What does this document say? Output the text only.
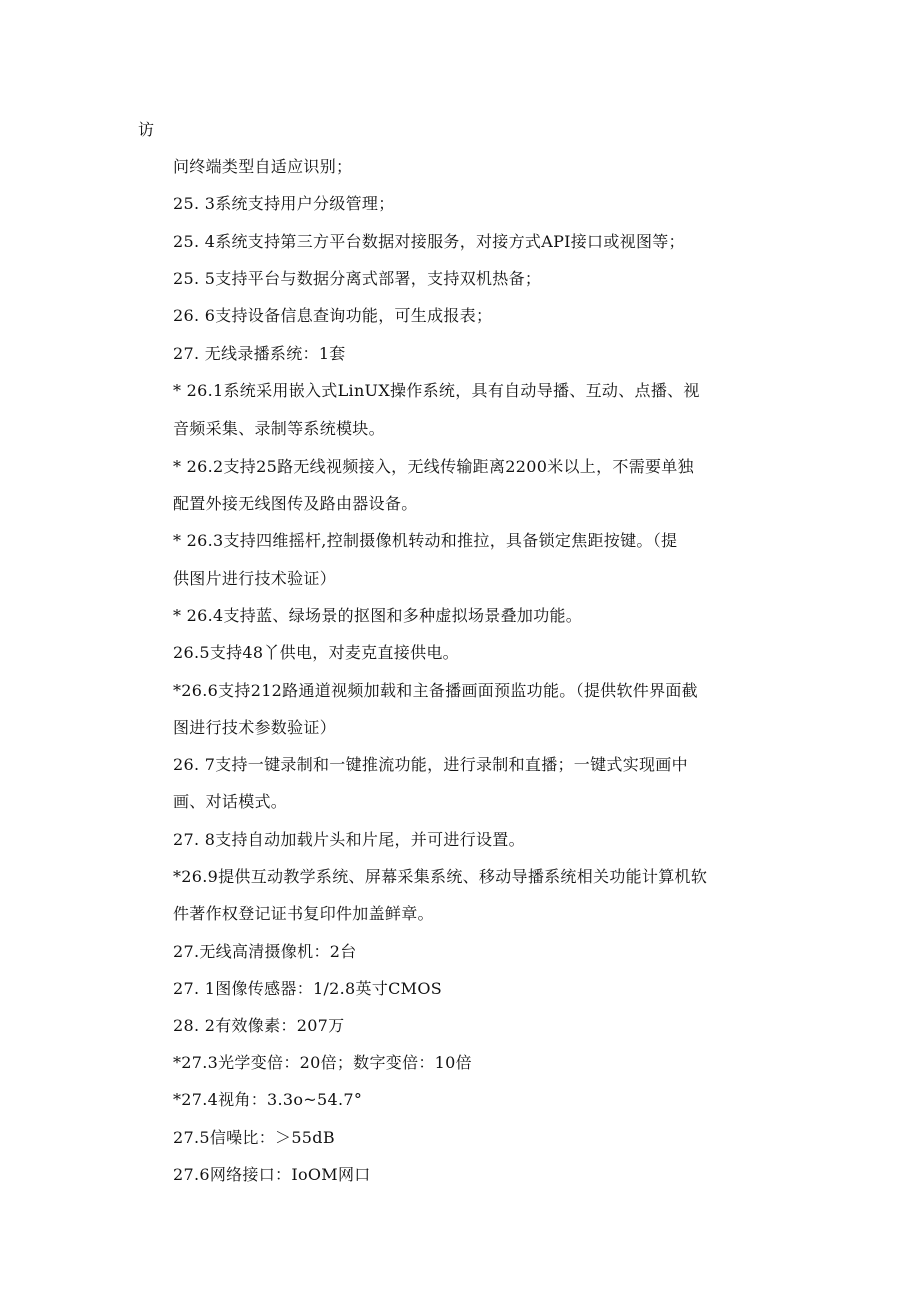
访
问终端类型自适应识别；
25. 3系统支持用户分级管理；
25. 4系统支持第三方平台数据对接服务，对接方式API接口或视图等；
25. 5支持平台与数据分离式部署，支持双机热备；
26. 6支持设备信息查询功能，可生成报表；
27. 无线录播系统：1套
* 26.1系统采用嵌入式LinUX操作系统，具有自动导播、互动、点播、视
音频采集、录制等系统模块。
* 26.2支持25路无线视频接入，无线传输距离2200米以上，不需要单独
配置外接无线图传及路由器设备。
* 26.3支持四维摇杆,控制摄像机转动和推拉，具备锁定焦距按键。（提
供图片进行技术验证）
* 26.4支持蓝、绿场景的抠图和多种虚拟场景叠加功能。
26.5支持48丫供电，对麦克直接供电。
*26.6支持212路通道视频加载和主备播画面预监功能。（提供软件界面截
图进行技术参数验证）
26. 7支持一键录制和一键推流功能，进行录制和直播；一键式实现画中
画、对话模式。
27. 8支持自动加载片头和片尾，并可进行设置。
*26.9提供互动教学系统、屏幕采集系统、移动导播系统相关功能计算机软
件著作权登记证书复印件加盖鲜章。
27.无线高清摄像机：2台
27. 1图像传感器：1/2.8英寸CMOS
28. 2有效像素：207万
*27.3光学变倍：20倍；数字变倍：10倍
*27.4视角：3.3o~54.7°
27.5信噪比：＞55dB
27.6网络接口：IoOM网口
